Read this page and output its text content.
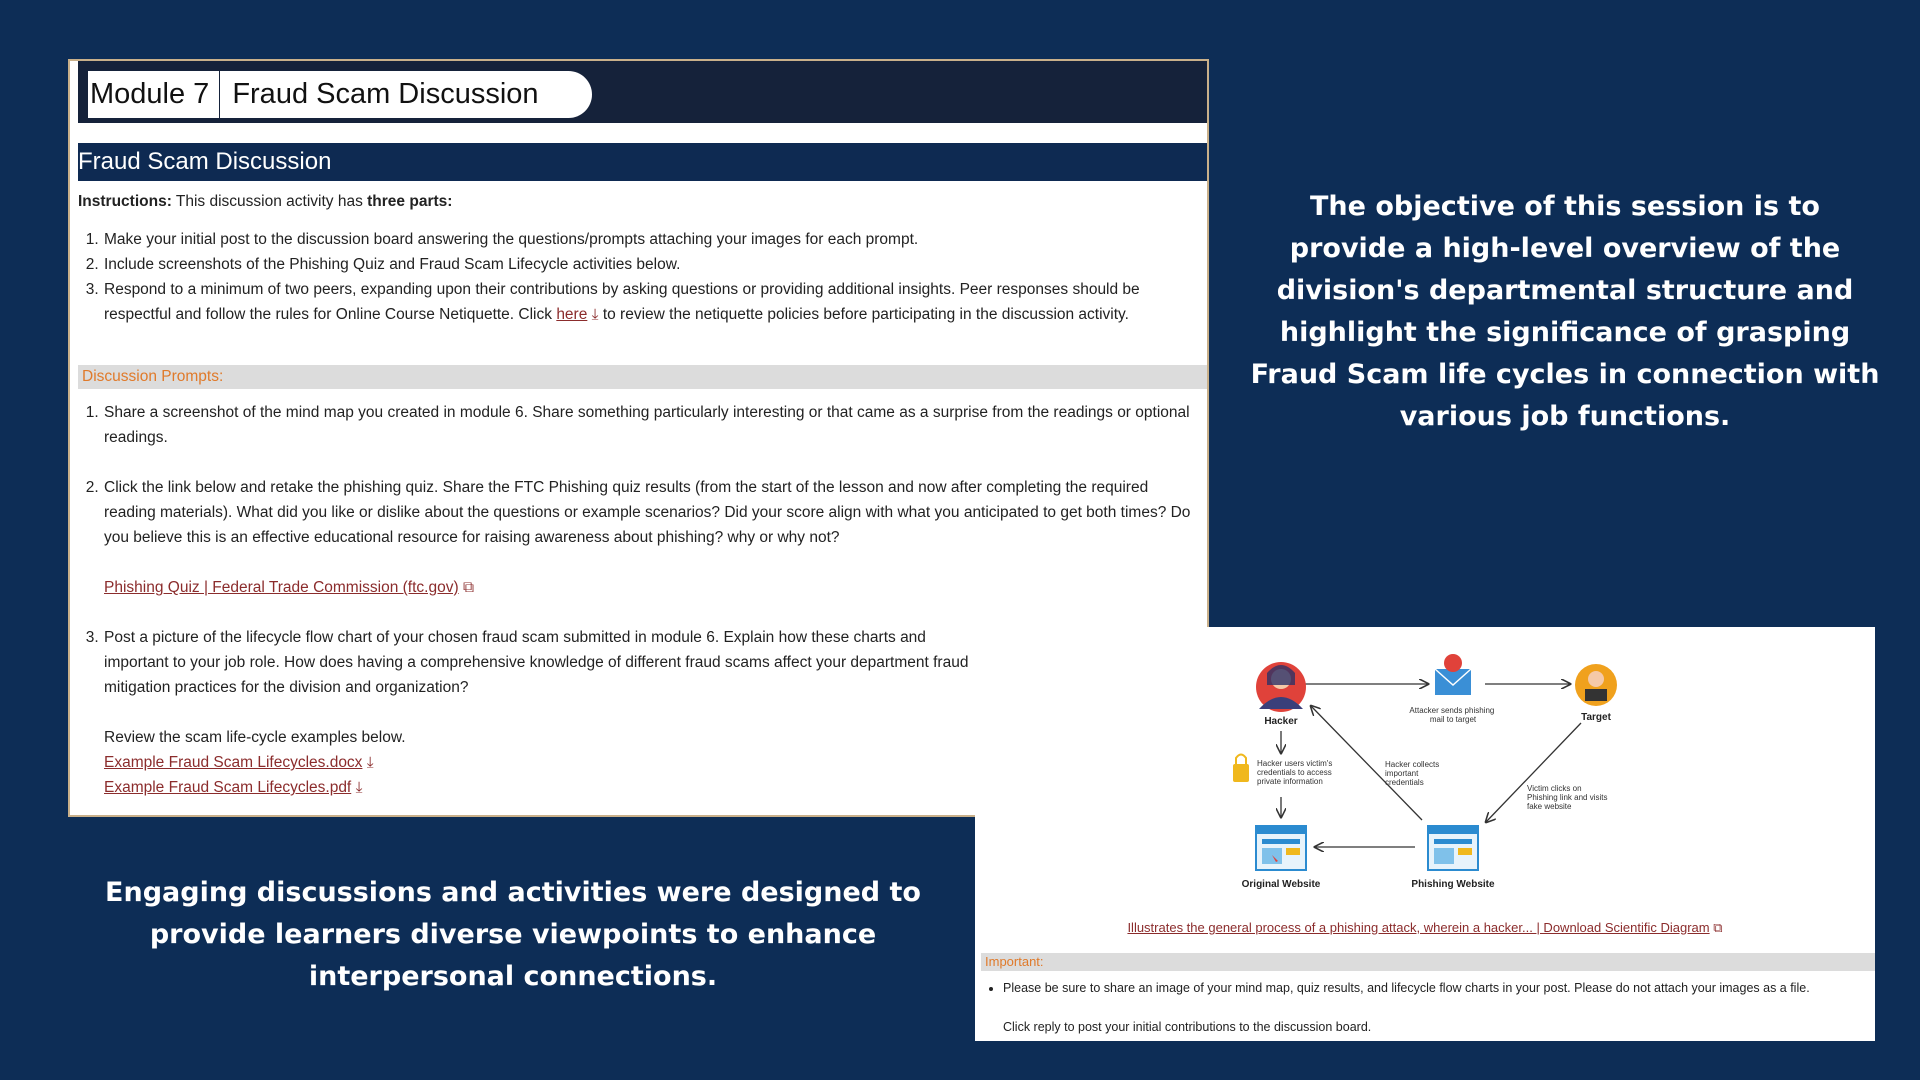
Module 7 Fraud Scam Discussion
Fraud Scam Discussion
Instructions: This discussion activity has three parts:
1. Make your initial post to the discussion board answering the questions/prompts attaching your images for each prompt.
2. Include screenshots of the Phishing Quiz and Fraud Scam Lifecycle activities below.
3. Respond to a minimum of two peers, expanding upon their contributions by asking questions or providing additional insights. Peer responses should be respectful and follow the rules for Online Course Netiquette. Click here ⤓ to review the netiquette policies before participating in the discussion activity.
Discussion Prompts:
1. Share a screenshot of the mind map you created in module 6. Share something particularly interesting or that came as a surprise from the readings or optional readings.
2. Click the link below and retake the phishing quiz. Share the FTC Phishing quiz results (from the start of the lesson and now after completing the required reading materials). What did you like or dislike about the questions or example scenarios? Did your score align with what you anticipated to get both times? Do you believe this is an effective educational resource for raising awareness about phishing? why or why not?
Phishing Quiz | Federal Trade Commission (ftc.gov) ⧉
3. Post a picture of the lifecycle flow chart of your chosen fraud scam submitted in module 6. Explain how these charts and important to your job role. How does having a comprehensive knowledge of different fraud scams affect your department fraud mitigation practices for the division and organization?
Review the scam life-cycle examples below.
Example Fraud Scam Lifecycles.docx ⤓
Example Fraud Scam Lifecycles.pdf ⤓
Hacker
Attacker sends phishing mail to target	Target
Hacker users victim's credentials to access private information
Hacker collects important credentials
Victim clicks on Phishing link and visits fake website
Original Website	Phishing Website
Illustrates the general process of a phishing attack, wherein a hacker... | Download Scientific Diagram ⧉
Important:
• Please be sure to share an image of your mind map, quiz results, and lifecycle flow charts in your post. Please do not attach your images as a file.
Click reply to post your initial contributions to the discussion board.
The objective of this session is to provide a high-level overview of the division's departmental structure and highlight the significance of grasping Fraud Scam life cycles in connection with various job functions.
Engaging discussions and activities were designed to provide learners diverse viewpoints to enhance interpersonal connections.
